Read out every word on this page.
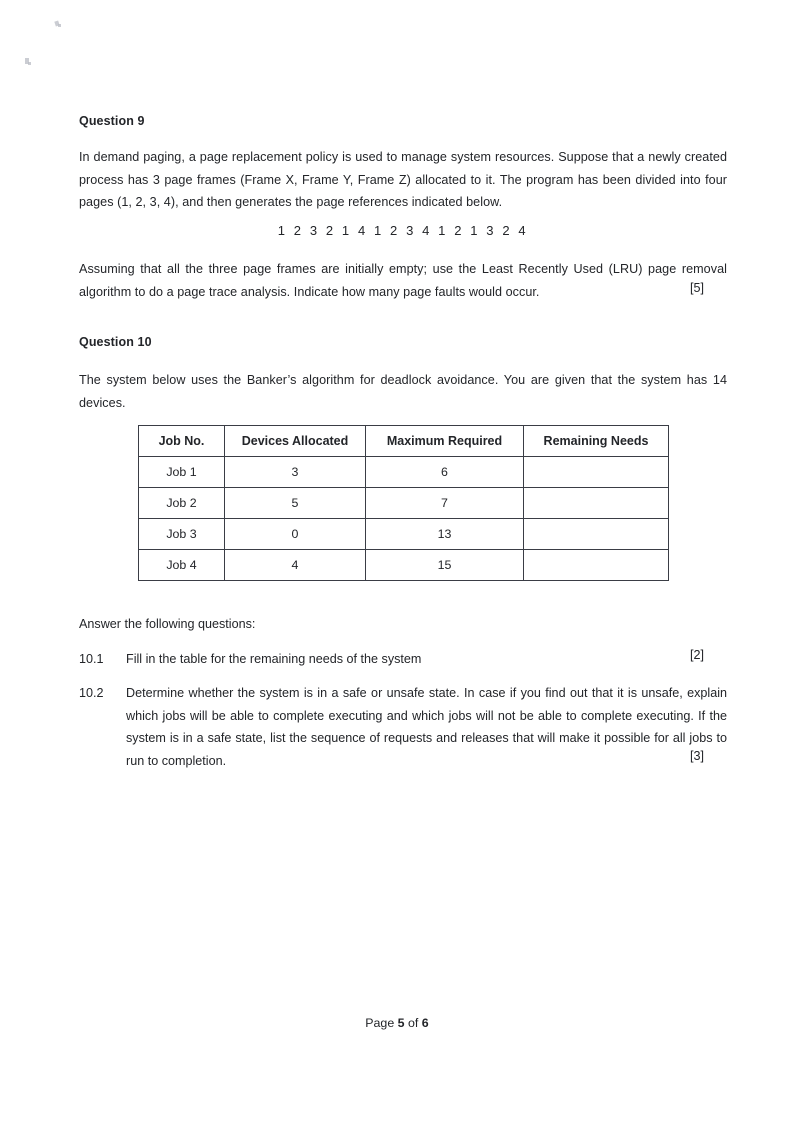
Question 9
In demand paging, a page replacement policy is used to manage system resources. Suppose that a newly created process has 3 page frames (Frame X, Frame Y, Frame Z) allocated to it. The program has been divided into four pages (1, 2, 3, 4), and then generates the page references indicated below.
1 2 3 2 1 4 1 2 3 4 1 2 1 3 2 4
Assuming that all the three page frames are initially empty; use the Least Recently Used (LRU) page removal algorithm to do a page trace analysis. Indicate how many page faults would occur.	[5]
Question 10
The system below uses the Banker’s algorithm for deadlock avoidance. You are given that the system has 14 devices.
Job No.	Devices Allocated	Maximum Required	Remaining Needs
Job 1	3	6	
Job 2	5	7	
Job 3	0	13	
Job 4	4	15	
Answer the following questions:
10.1	Fill in the table for the remaining needs of the system	[2]
10.2	Determine whether the system is in a safe or unsafe state. In case if you find out that it is unsafe, explain which jobs will be able to complete executing and which jobs will not be able to complete executing. If the system is in a safe state, list the sequence of requests and releases that will make it possible for all jobs to run to completion.	[3]
Page 5 of 6
